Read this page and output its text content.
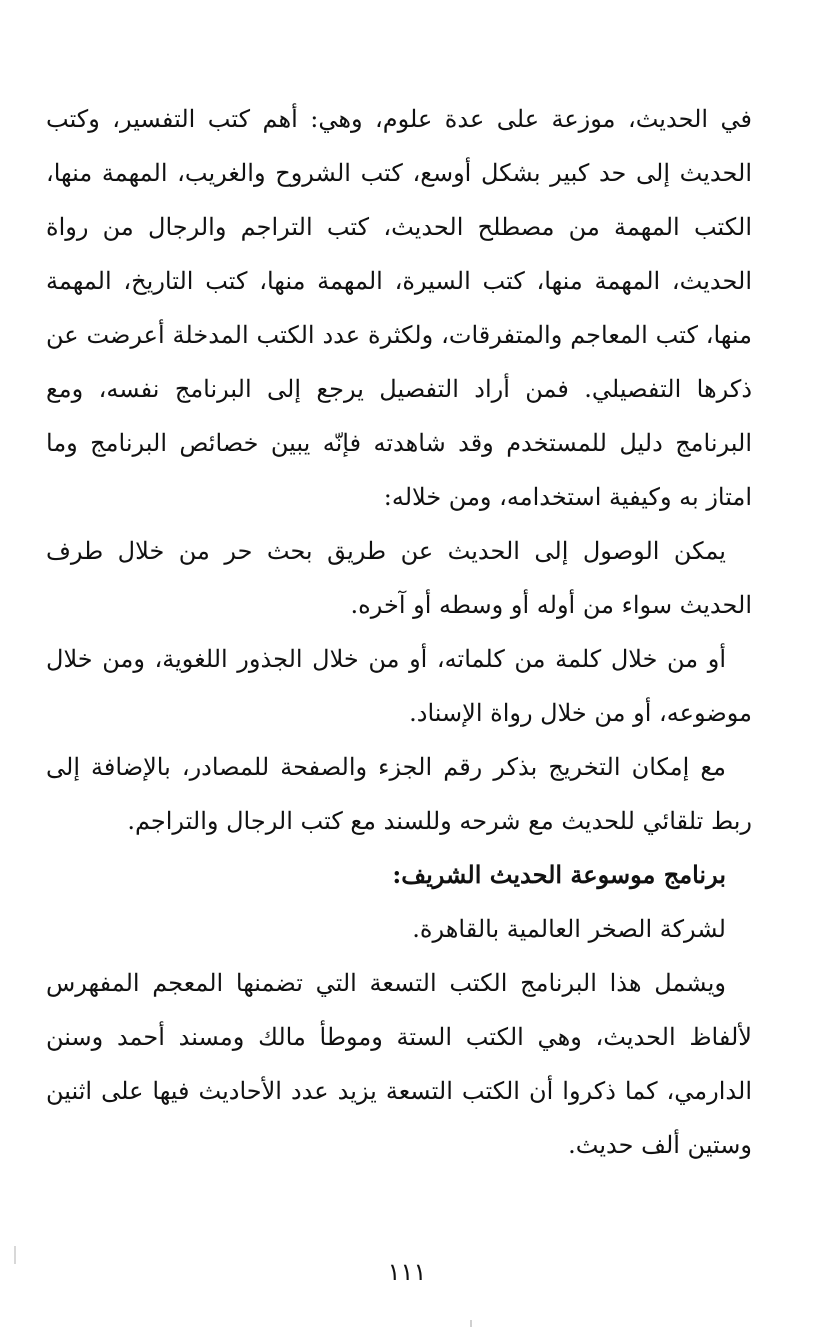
في الحديث، موزعة على عدة علوم، وهي: أهم كتب التفسير، وكتب الحديث إلى حد كبير بشكل أوسع، كتب الشروح والغريب، المهمة منها، الكتب المهمة من مصطلح الحديث، كتب التراجم والرجال من رواة الحديث، المهمة منها، كتب السيرة، المهمة منها، كتب التاريخ، المهمة منها، كتب المعاجم والمتفرقات، ولكثرة عدد الكتب المدخلة أعرضت عن ذكرها التفصيلي. فمن أراد التفصيل يرجع إلى البرنامج نفسه، ومع البرنامج دليل للمستخدم وقد شاهدته فإنّه يبين خصائص البرنامج وما امتاز به وكيفية استخدامه، ومن خلاله:

يمكن الوصول إلى الحديث عن طريق بحث حر من خلال طرف الحديث سواء من أوله أو وسطه أو آخره.

أو من خلال كلمة من كلماته، أو من خلال الجذور اللغوية، ومن خلال موضوعه، أو من خلال رواة الإسناد.

مع إمكان التخريج بذكر رقم الجزء والصفحة للمصادر، بالإضافة إلى ربط تلقائي للحديث مع شرحه وللسند مع كتب الرجال والتراجم.

برنامج موسوعة الحديث الشريف:

لشركة الصخر العالمية بالقاهرة.

ويشمل هذا البرنامج الكتب التسعة التي تضمنها المعجم المفهرس لألفاظ الحديث، وهي الكتب الستة وموطأ مالك ومسند أحمد وسنن الدارمي، كما ذكروا أن الكتب التسعة يزيد عدد الأحاديث فيها على اثنين وستين ألف حديث.

١١١
